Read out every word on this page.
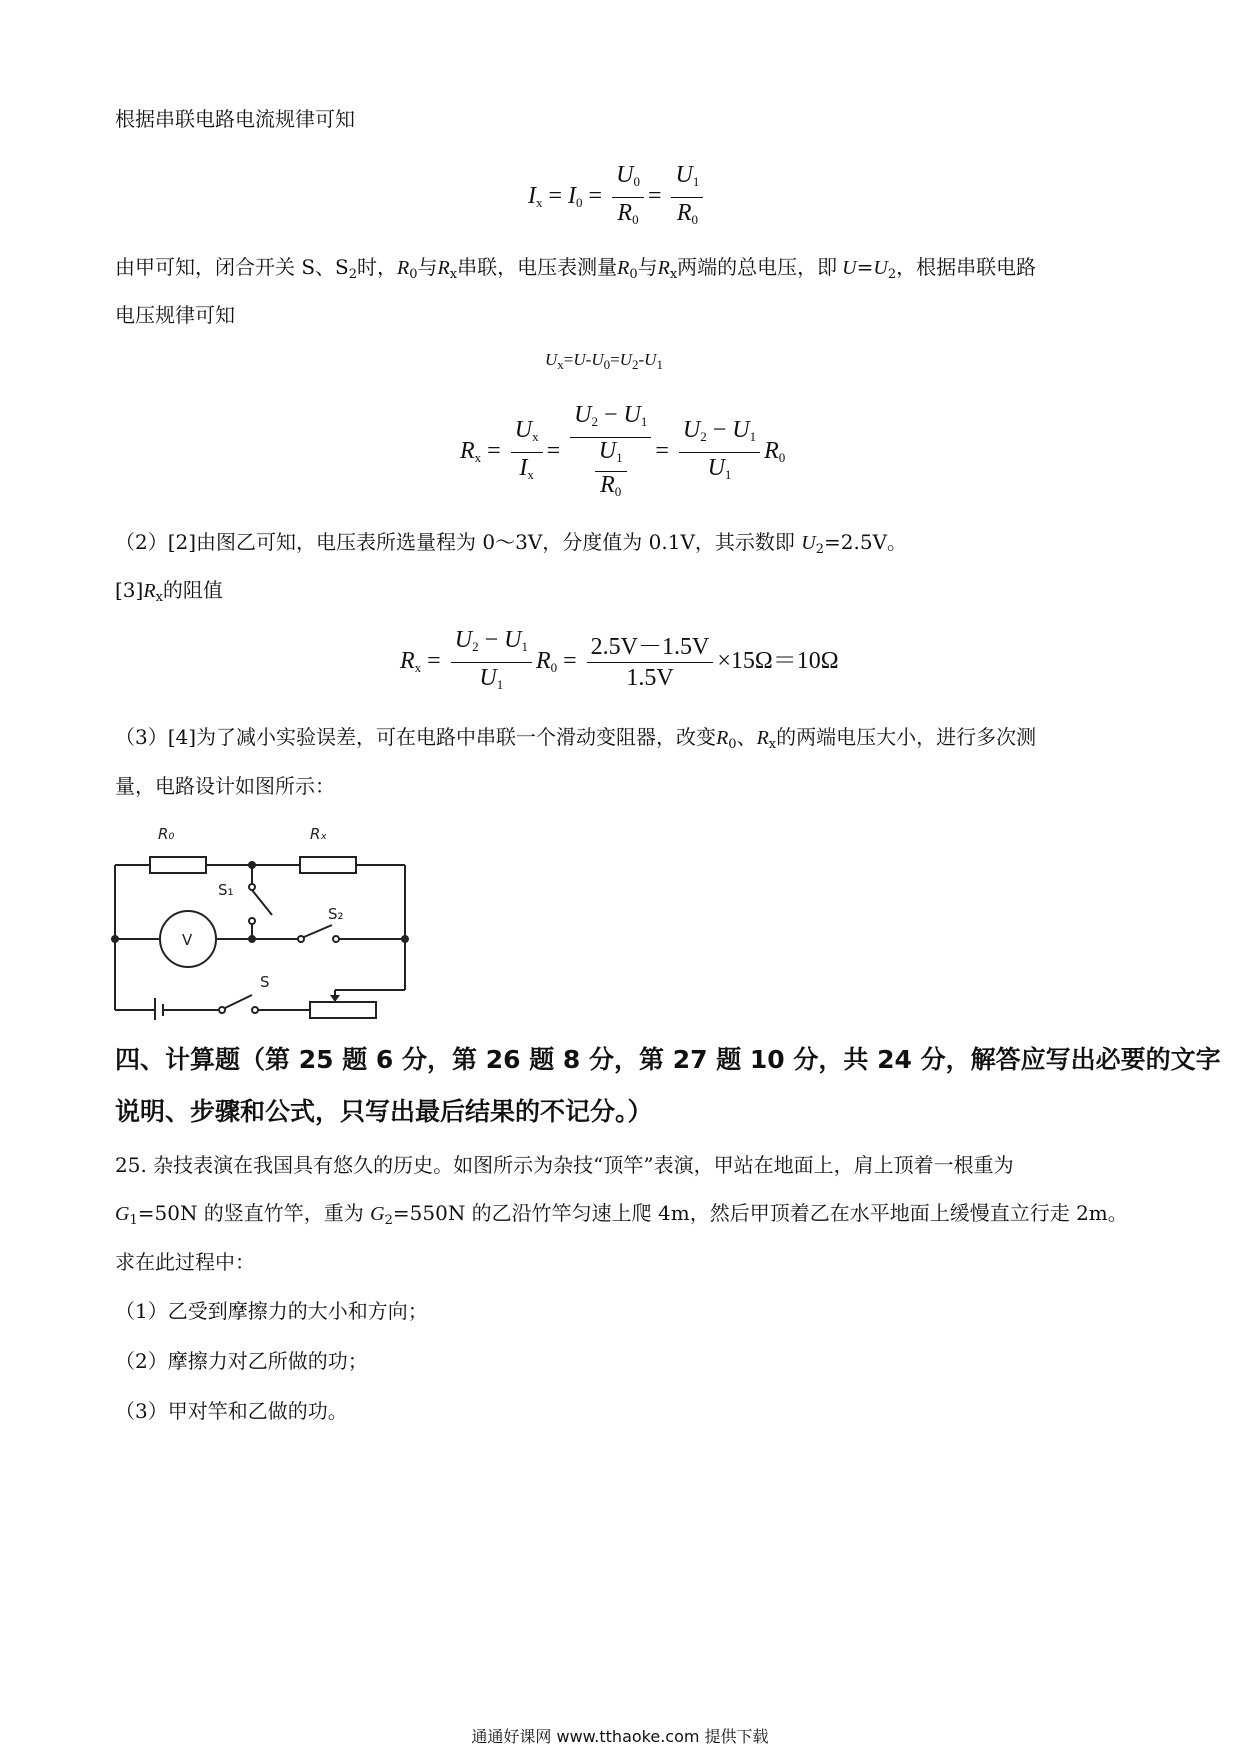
根据串联电路电流规律可知
$I_x = I_0 = \frac{U_0}{R_0} = \frac{U_1}{R_0}$
由甲可知，闭合开关 S、$S_2$时，$R_0$与$R_x$串联，电压表测量$R_0$与$R_x$两端的总电压，即 $U=U_2$，根据串联电路
电压规律可知
$U_x=U-U_0=U_2-U_1$
$R_x = \frac{U_x}{I_x} = \frac{U_2 - U_1}{\frac{U_1}{R_0}} = \frac{U_2 - U_1}{U_1} R_0$
（2）[2]由图乙可知，电压表所选量程为 0～3V，分度值为 0.1V，其示数即 $U_2=2.5V$。
$[3]R_x$的阻值
$R_x = \frac{U_2 - U_1}{U_1} R_0 = \frac{2.5V-1.5V}{1.5V} \times 15\Omega=10\Omega$
（3）[4]为了减小实验误差，可在电路中串联一个滑动变阻器，改变$R_0$、$R_x$的两端电压大小，进行多次测
量，电路设计如图所示：
R₀	Rₓ
S₁
S₂
S
V
四、计算题（第 25 题 6 分，第 26 题 8 分，第 27 题 10 分，共 24 分，解答应写出必要的文字
说明、步骤和公式，只写出最后结果的不记分。）
25. 杂技表演在我国具有悠久的历史。如图所示为杂技“顶竿”表演，甲站在地面上，肩上顶着一根重为
$G_1=50N$ 的竖直竹竿，重为 $G_2=550N$ 的乙沿竹竿匀速上爬 4m，然后甲顶着乙在水平地面上缓慢直立行走 2m。
求在此过程中：
（1）乙受到摩擦力的大小和方向；
（2）摩擦力对乙所做的功；
（3）甲对竿和乙做的功。
通通好课网 www.tthaoke.com 提供下载
